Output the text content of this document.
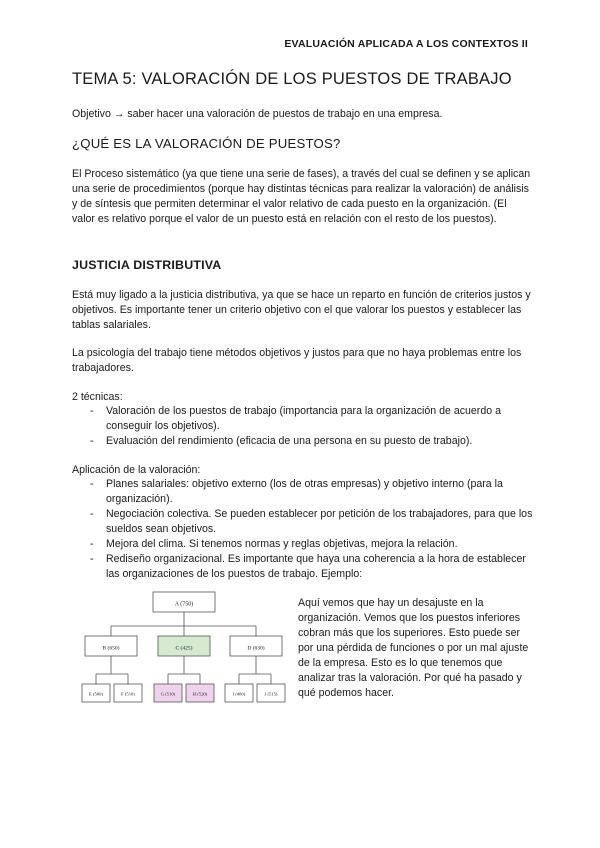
EVALUACIÓN APLICADA A LOS CONTEXTOS II
TEMA 5: VALORACIÓN DE LOS PUESTOS DE TRABAJO

Objetivo → saber hacer una valoración de puestos de trabajo en una empresa.

¿QUÉ ES LA VALORACIÓN DE PUESTOS?

El Proceso sistemático (ya que tiene una serie de fases), a través del cual se definen y se aplican una serie de procedimientos (porque hay distintas técnicas para realizar la valoración) de análisis y de síntesis que permiten determinar el valor relativo de cada puesto en la organización. (El valor es relativo porque el valor de un puesto está en relación con el resto de los puestos).

JUSTICIA DISTRIBUTIVA

Está muy ligado a la justicia distributiva, ya que se hace un reparto en función de criterios justos y objetivos. Es importante tener un criterio objetivo con el que valorar los puestos y establecer las tablas salariales.

La psicología del trabajo tiene métodos objetivos y justos para que no haya problemas entre los trabajadores.

2 técnicas:

- Valoración de los puestos de trabajo (importancia para la organización de acuerdo a conseguir los objetivos).
- Evaluación del rendimiento (eficacia de una persona en su puesto de trabajo).

Aplicación de la valoración:

- Planes salariales: objetivo externo (los de otras empresas) y objetivo interno (para la organización).
- Negociación colectiva. Se pueden establecer por petición de los trabajadores, para que los sueldos sean objetivos.
- Mejora del clima. Si tenemos normas y reglas objetivas, mejora la relación.
- Rediseño organizacional. Es importante que haya una coherencia a la hora de establecer las organizaciones de los puestos de trabajo. Ejemplo:
A (750)
B (650)	C (425)	D (630)
E (500)	F (510)	G (510)	H (520)	I (480)	J (515)

Aquí vemos que hay un desajuste en la organización. Vemos que los puestos inferiores cobran más que los superiores. Esto puede ser por una pérdida de funciones o por un mal ajuste de la empresa. Esto es lo que tenemos que analizar tras la valoración. Por qué ha pasado y qué podemos hacer.
